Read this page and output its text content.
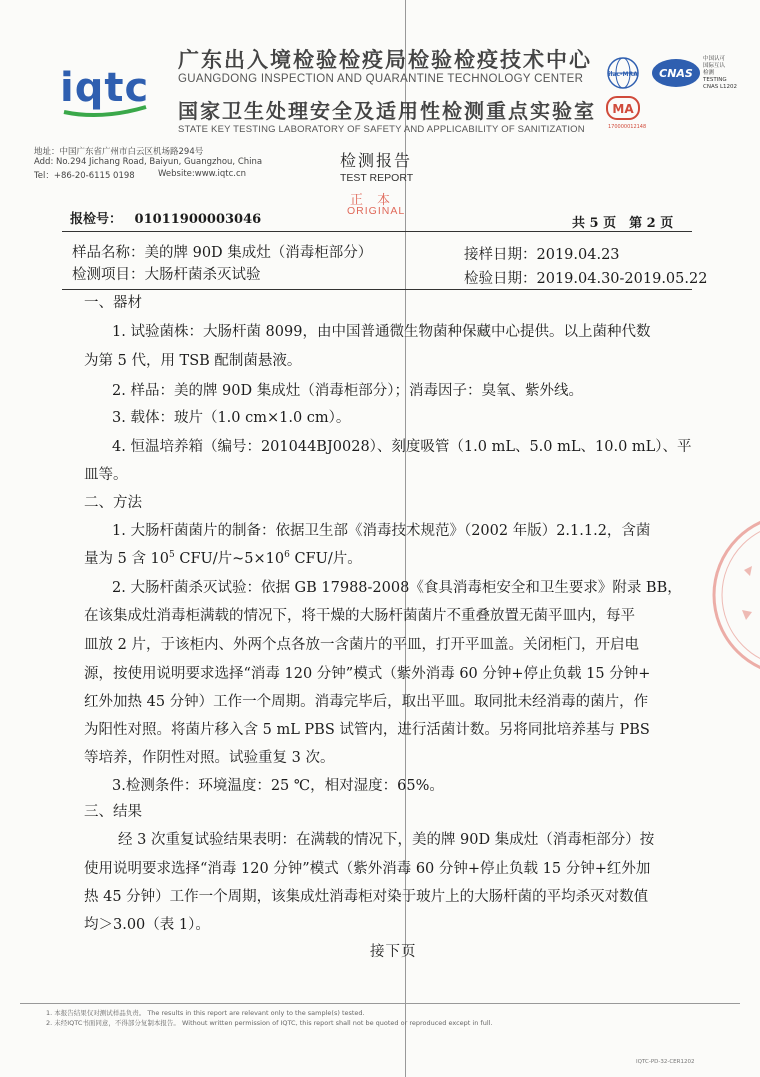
iqtc
广东出入境检验检疫局检验检疫技术中心
GUANGDONG INSPECTION AND QUARANTINE TECHNOLOGY CENTER
国家卫生处理安全及适用性检测重点实验室
STATE KEY TESTING LABORATORY OF SAFETY AND APPLICABILITY OF SANITIZATION
ilac-MRA CNAS
中国认可
国际互认
检测
TESTING
CNAS L1202
MA
170000012148
地址：中国广东省广州市白云区机场路294号
Add: No.294 Jichang Road, Baiyun, Guangzhou, China
Tel：+86-20-6115 0198	Website:www.iqtc.cn
检测报告
TEST REPORT
正本
ORIGINAL
报检号： 01011900003046	共 5 页　第 2 页
样品名称：美的牌 90D 集成灶（消毒柜部分）	接样日期：2019.04.23
检测项目：大肠杆菌杀灭试验	检验日期：2019.04.30-2019.05.22
一、器材
1. 试验菌株：大肠杆菌 8099，由中国普通微生物菌种保藏中心提供。以上菌种代数
为第 5 代，用 TSB 配制菌悬液。
2. 样品：美的牌 90D 集成灶（消毒柜部分）；消毒因子：臭氧、紫外线。
3. 载体：玻片（1.0 cm×1.0 cm）。
4. 恒温培养箱（编号：201044BJ0028）、刻度吸管（1.0 mL、5.0 mL、10.0 mL）、平
皿等。
二、方法
1. 大肠杆菌菌片的制备：依据卫生部《消毒技术规范》（2002 年版）2.1.1.2，含菌
量为 5 含 $10^5$ CFU/片$\sim 5\times 10^6$ CFU/片。
2. 大肠杆菌杀灭试验：依据 GB 17988-2008《食具消毒柜安全和卫生要求》附录 BB，
在该集成灶消毒柜满载的情况下，将干燥的大肠杆菌菌片不重叠放置无菌平皿内，每平
皿放 2 片，于该柜内、外两个点各放一含菌片的平皿，打开平皿盖。关闭柜门，开启电
源，按使用说明要求选择“消毒 120 分钟”模式（紫外消毒 60 分钟+停止负载 15 分钟+
红外加热 45 分钟）工作一个周期。消毒完毕后，取出平皿。取同批未经消毒的菌片，作
为阳性对照。将菌片移入含 5 mL PBS 试管内，进行活菌计数。另将同批培养基与 PBS
等培养，作阴性对照。试验重复 3 次。
3.检测条件：环境温度：25 ℃，相对湿度：65%。
三、结果
经 3 次重复试验结果表明：在满载的情况下，美的牌 90D 集成灶（消毒柜部分）按
使用说明要求选择“消毒 120 分钟”模式（紫外消毒 60 分钟+停止负载 15 分钟+红外加
热 45 分钟）工作一个周期，该集成灶消毒柜对染于玻片上的大肠杆菌的平均杀灭对数值
均＞3.00（表 1）。
接下页
1. 本报告结果仅对测试样品负责。 The results in this report are relevant only to the sample(s) tested.
2. 未经IQTC书面同意，不得部分复制本报告。 Without written permission of IQTC, this report shall not be quoted or reproduced except in full.
IQTC-PD-32-CER1202
